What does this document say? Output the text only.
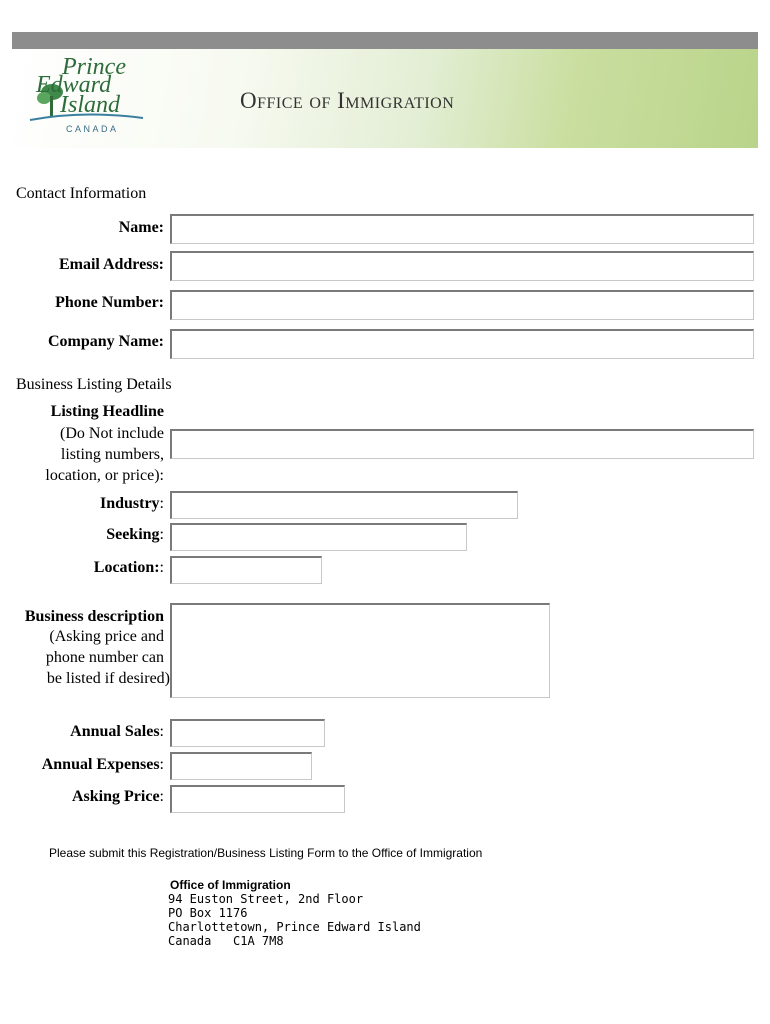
Prince
Edward
Island
CANADA
Office of Immigration
Contact Information
Name:
Email Address:
Phone Number:
Company Name:
Business Listing Details
Listing Headline
(Do Not include
listing numbers,
location, or price):
Industry:
Seeking:
Location::
Business description
(Asking price and
phone number can
be listed if desired)
Annual Sales:
Annual Expenses:
Asking Price:
Please submit this Registration/Business Listing Form to the Office of Immigration
Office of Immigration
94 Euston Street, 2nd Floor
PO Box 1176
Charlottetown, Prince Edward Island
Canada   C1A 7M8
